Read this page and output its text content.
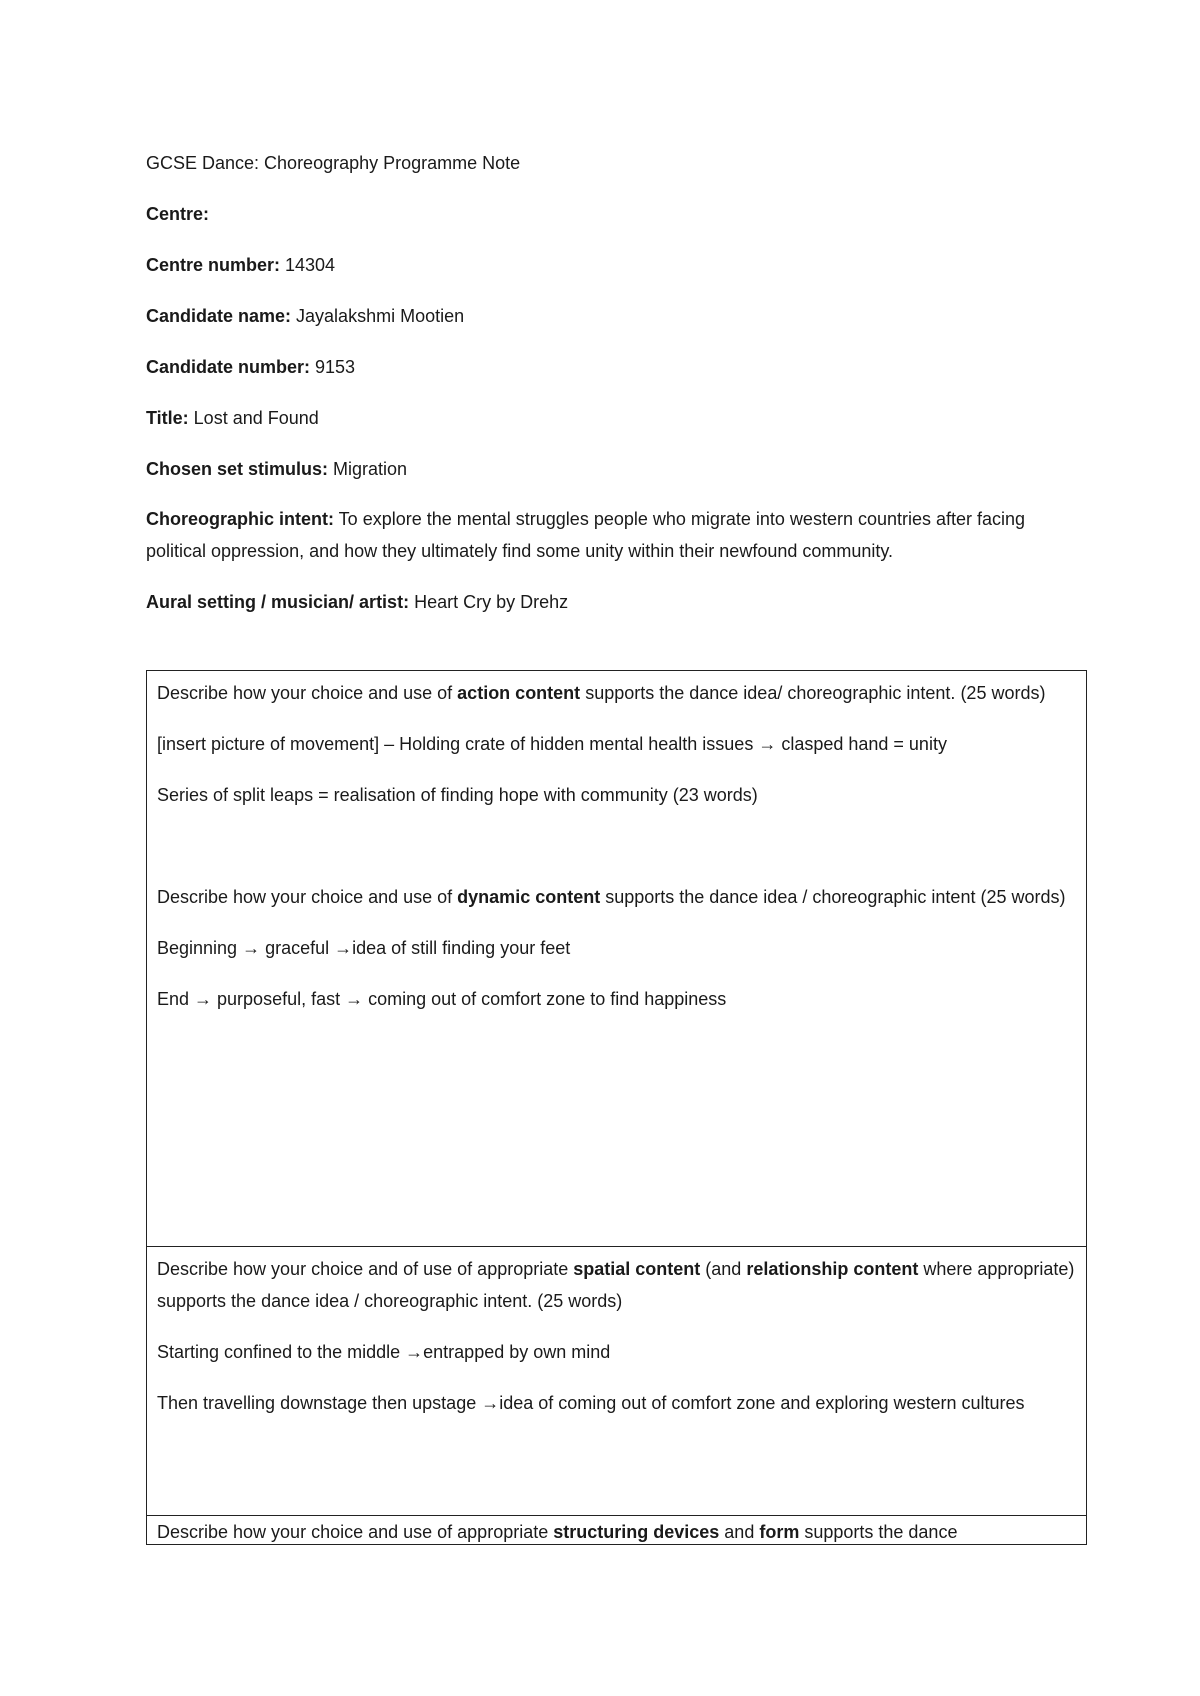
GCSE Dance: Choreography Programme Note

Centre:

Centre number: 14304

Candidate name: Jayalakshmi Mootien

Candidate number: 9153

Title: Lost and Found

Chosen set stimulus: Migration

Choreographic intent: To explore the mental struggles people who migrate into western countries after facing political oppression, and how they ultimately find some unity within their newfound community.

Aural setting / musician/ artist: Heart Cry by Drehz

Describe how your choice and use of action content supports the dance idea/ choreographic intent. (25 words)

[insert picture of movement] – Holding crate of hidden mental health issues → clasped hand = unity

Series of split leaps = realisation of finding hope with community (23 words)

Describe how your choice and use of dynamic content supports the dance idea / choreographic intent (25 words)

Beginning → graceful →idea of still finding your feet

End → purposeful, fast → coming out of comfort zone to find happiness

Describe how your choice and of use of appropriate spatial content (and relationship content where appropriate) supports the dance idea / choreographic intent. (25 words)

Starting confined to the middle →entrapped by own mind

Then travelling downstage then upstage →idea of coming out of comfort zone and exploring western cultures

Describe how your choice and use of appropriate structuring devices and form supports the dance
